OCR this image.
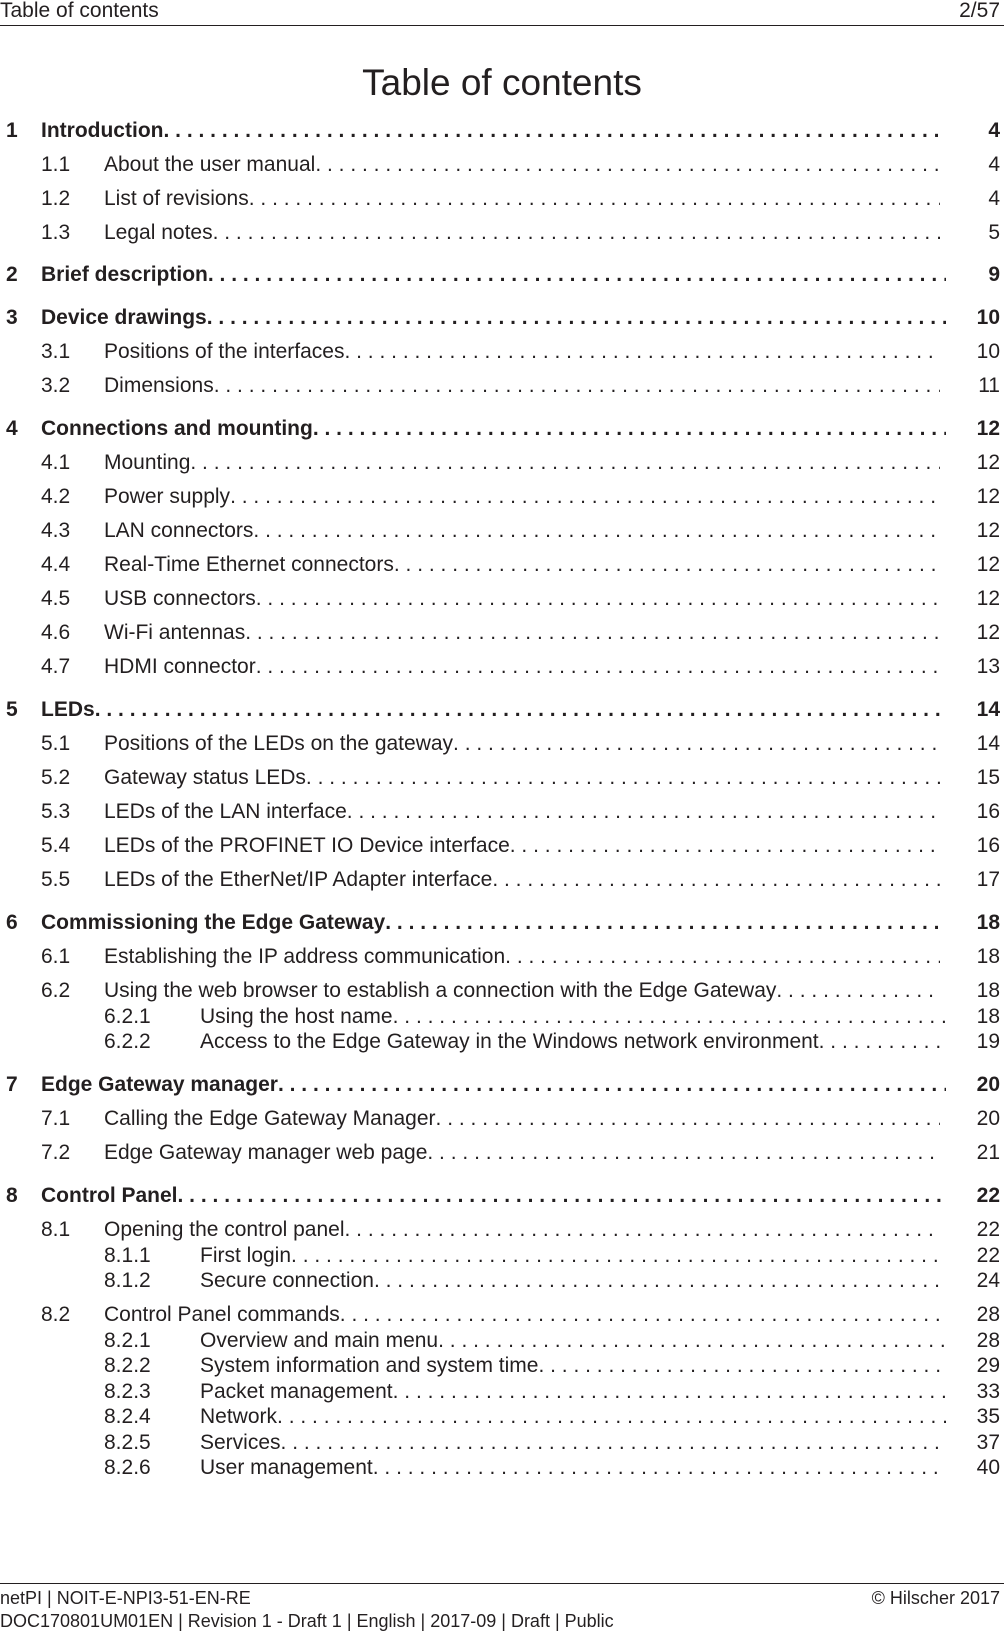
Table of contents	2/57
Table of contents
1 Introduction . . .	4
1.1 About the user manual . . .	4
1.2 List of revisions . . .	4
1.3 Legal notes . . .	5
2 Brief description . . .	9
3 Device drawings . . .	10
3.1 Positions of the interfaces . . .	10
3.2 Dimensions . . .	11
4 Connections and mounting . . .	12
4.1 Mounting . . .	12
4.2 Power supply . . .	12
4.3 LAN connectors . . .	12
4.4 Real-Time Ethernet connectors . . .	12
4.5 USB connectors . . .	12
4.6 Wi-Fi antennas . . .	12
4.7 HDMI connector . . .	13
5 LEDs . . .	14
5.1 Positions of the LEDs on the gateway . . .	14
5.2 Gateway status LEDs . . .	15
5.3 LEDs of the LAN interface . . .	16
5.4 LEDs of the PROFINET IO Device interface . . .	16
5.5 LEDs of the EtherNet/IP Adapter interface . . .	17
6 Commissioning the Edge Gateway . . .	18
6.1 Establishing the IP address communication . . .	18
6.2 Using the web browser to establish a connection with the Edge Gateway . . .	18
6.2.1 Using the host name . . .	18
6.2.2 Access to the Edge Gateway in the Windows network environment . . .	19
7 Edge Gateway manager . . .	20
7.1 Calling the Edge Gateway Manager . . .	20
7.2 Edge Gateway manager web page . . .	21
8 Control Panel . . .	22
8.1 Opening the control panel . . .	22
8.1.1 First login . . .	22
8.1.2 Secure connection . . .	24
8.2 Control Panel commands . . .	28
8.2.1 Overview and main menu . . .	28
8.2.2 System information and system time . . .	29
8.2.3 Packet management . . .	33
8.2.4 Network . . .	35
8.2.5 Services . . .	37
8.2.6 User management . . .	40
netPI | NOIT-E-NPI3-51-EN-RE
DOC170801UM01EN | Revision 1 - Draft 1 | English | 2017-09 | Draft | Public
© Hilscher 2017
